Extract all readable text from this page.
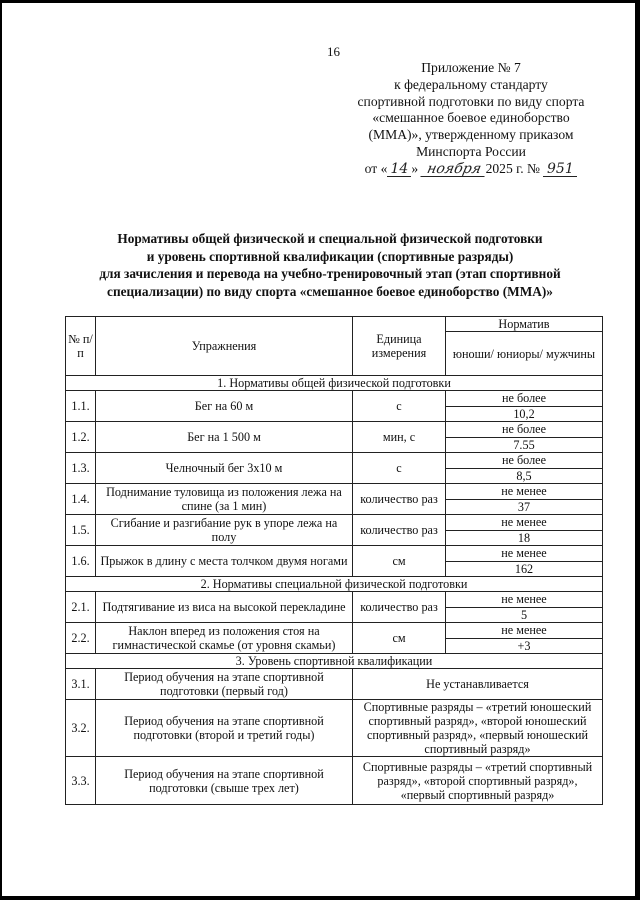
16
Приложение № 7
к федеральному стандарту
спортивной подготовки по виду спорта
«смешанное боевое единоборство
(ММА)», утвержденному приказом
Минспорта России
от « 14 » ноября 2025 г. № 951
Нормативы общей физической и специальной физической подготовки
и уровень спортивной квалификации (спортивные разряды)
для зачисления и перевода на учебно-тренировочный этап (этап спортивной
специализации) по виду спорта «смешанное боевое единоборство (ММА)»
№ п/п	Упражнения	Единица измерения	Норматив
			юноши/ юниоры/ мужчины
1. Нормативы общей физической подготовки			
1.1.	Бег на 60 м	с	не более
			10,2
1.2.	Бег на 1 500 м	мин, с	не более
			7.55
1.3.	Челночный бег 3х10 м	с	не более
			8,5
1.4.	Поднимание туловища из положения лежа на спине (за 1 мин)	количество раз	не менее
			37
1.5.	Сгибание и разгибание рук в упоре лежа на полу	количество раз	не менее
			18
1.6.	Прыжок в длину с места толчком двумя ногами	см	не менее
			162
2. Нормативы специальной физической подготовки			
2.1.	Подтягивание из виса на высокой перекладине	количество раз	не менее
			5
2.2.	Наклон вперед из положения стоя на гимнастической скамье (от уровня скамьи)	см	не менее
			+3
3. Уровень спортивной квалификации			
3.1.	Период обучения на этапе спортивной подготовки (первый год)	Не устанавливается	
3.2.	Период обучения на этапе спортивной подготовки (второй и третий годы)	Спортивные разряды – «третий юношеский спортивный разряд», «второй юношеский спортивный разряд», «первый юношеский спортивный разряд»	
3.3.	Период обучения на этапе спортивной подготовки (свыше трех лет)	Спортивные разряды – «третий спортивный разряд», «второй спортивный разряд», «первый спортивный разряд»	
